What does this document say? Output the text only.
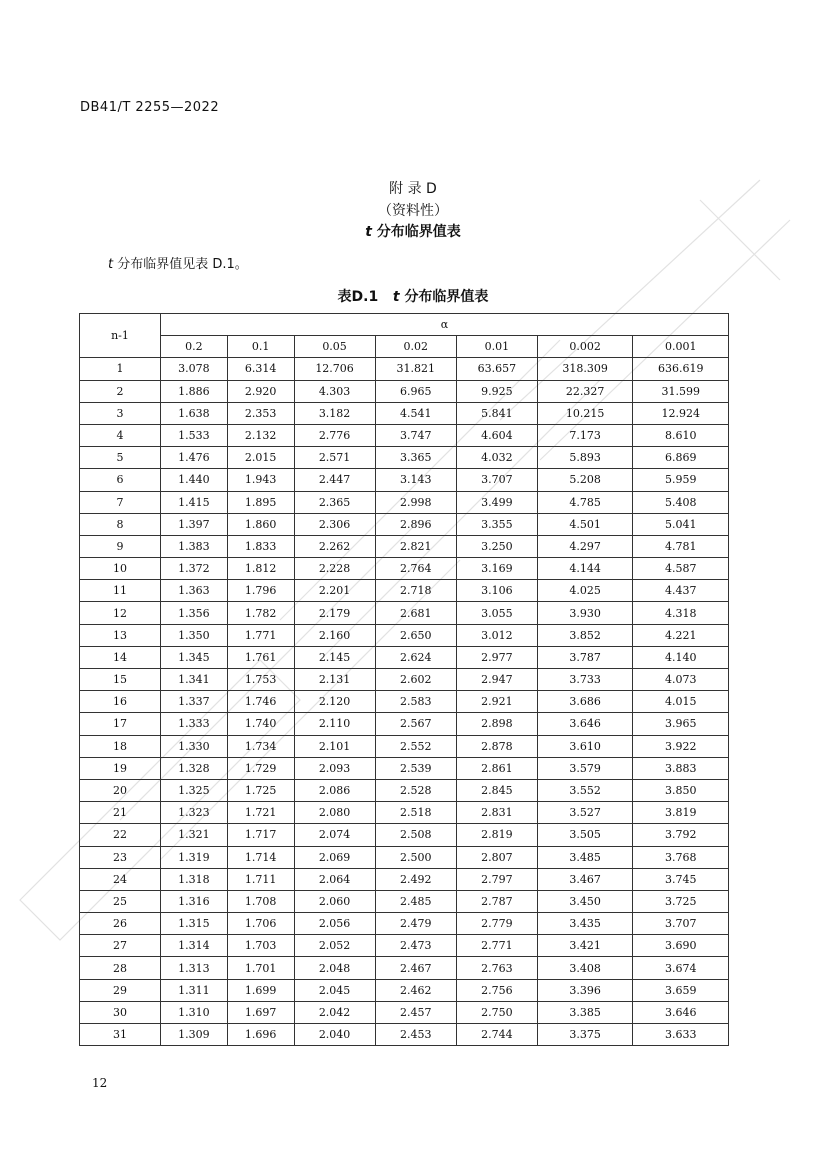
DB41/T 2255—2022
附 录 D
（资料性）
t 分布临界值表
t 分布临界值见表 D.1。
表D.1 t 分布临界值表
n-1	α						
	0.2	0.1	0.05	0.02	0.01	0.002	0.001
1	3.078	6.314	12.706	31.821	63.657	318.309	636.619
2	1.886	2.920	4.303	6.965	9.925	22.327	31.599
3	1.638	2.353	3.182	4.541	5.841	10.215	12.924
4	1.533	2.132	2.776	3.747	4.604	7.173	8.610
5	1.476	2.015	2.571	3.365	4.032	5.893	6.869
6	1.440	1.943	2.447	3.143	3.707	5.208	5.959
7	1.415	1.895	2.365	2.998	3.499	4.785	5.408
8	1.397	1.860	2.306	2.896	3.355	4.501	5.041
9	1.383	1.833	2.262	2.821	3.250	4.297	4.781
10	1.372	1.812	2.228	2.764	3.169	4.144	4.587
11	1.363	1.796	2.201	2.718	3.106	4.025	4.437
12	1.356	1.782	2.179	2.681	3.055	3.930	4.318
13	1.350	1.771	2.160	2.650	3.012	3.852	4.221
14	1.345	1.761	2.145	2.624	2.977	3.787	4.140
15	1.341	1.753	2.131	2.602	2.947	3.733	4.073
16	1.337	1.746	2.120	2.583	2.921	3.686	4.015
17	1.333	1.740	2.110	2.567	2.898	3.646	3.965
18	1.330	1.734	2.101	2.552	2.878	3.610	3.922
19	1.328	1.729	2.093	2.539	2.861	3.579	3.883
20	1.325	1.725	2.086	2.528	2.845	3.552	3.850
21	1.323	1.721	2.080	2.518	2.831	3.527	3.819
22	1.321	1.717	2.074	2.508	2.819	3.505	3.792
23	1.319	1.714	2.069	2.500	2.807	3.485	3.768
24	1.318	1.711	2.064	2.492	2.797	3.467	3.745
25	1.316	1.708	2.060	2.485	2.787	3.450	3.725
26	1.315	1.706	2.056	2.479	2.779	3.435	3.707
27	1.314	1.703	2.052	2.473	2.771	3.421	3.690
28	1.313	1.701	2.048	2.467	2.763	3.408	3.674
29	1.311	1.699	2.045	2.462	2.756	3.396	3.659
30	1.310	1.697	2.042	2.457	2.750	3.385	3.646
31	1.309	1.696	2.040	2.453	2.744	3.375	3.633
12
